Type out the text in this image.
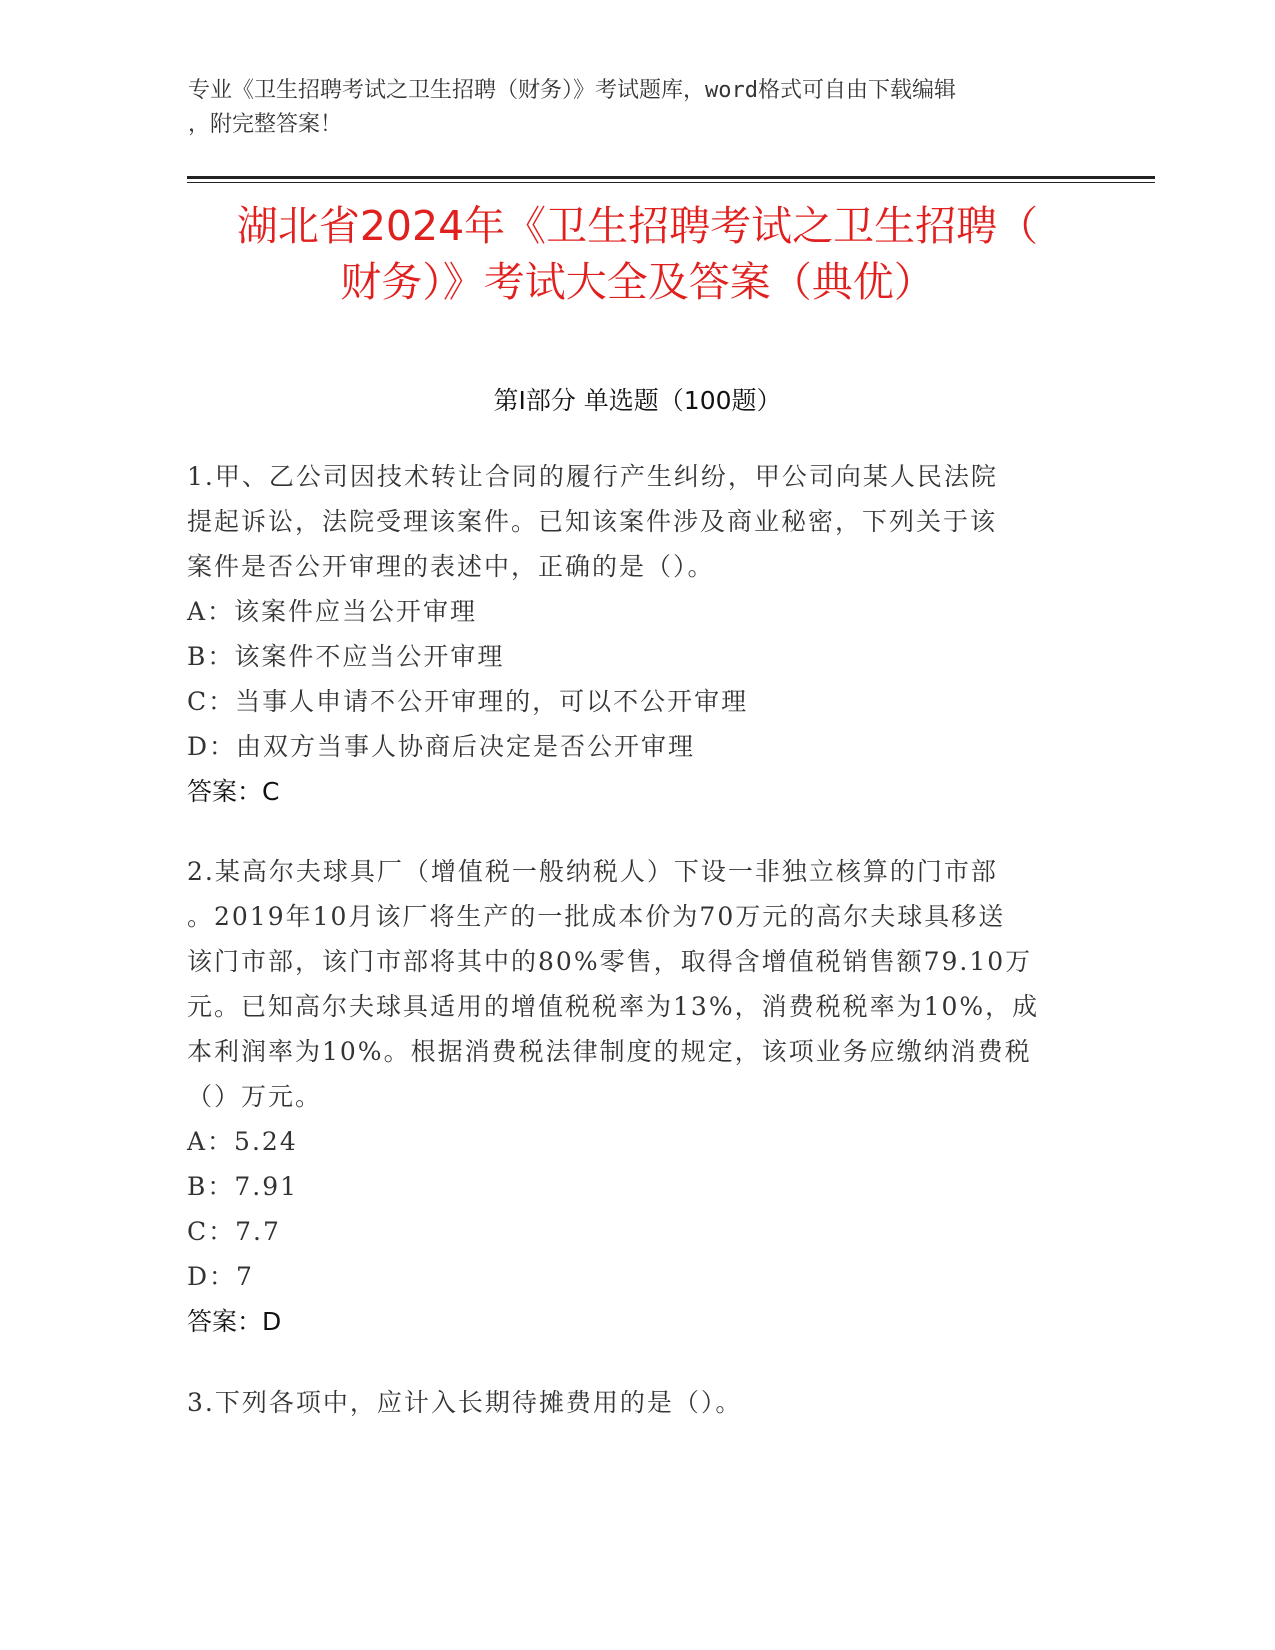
专业《卫生招聘考试之卫生招聘（财务）》考试题库，word格式可自由下载编辑
，附完整答案！
湖北省2024年《卫生招聘考试之卫生招聘（
财务）》考试大全及答案（典优）
第I部分 单选题（100题）
1.甲、乙公司因技术转让合同的履行产生纠纷，甲公司向某人民法院
提起诉讼，法院受理该案件。已知该案件涉及商业秘密，下列关于该
案件是否公开审理的表述中，正确的是（）。
A：该案件应当公开审理
B：该案件不应当公开审理
C：当事人申请不公开审理的，可以不公开审理
D：由双方当事人协商后决定是否公开审理
答案：C
2.某高尔夫球具厂（增值税一般纳税人）下设一非独立核算的门市部
。2019年10月该厂将生产的一批成本价为70万元的高尔夫球具移送
该门市部，该门市部将其中的80%零售，取得含增值税销售额79.10万
元。已知高尔夫球具适用的增值税税率为13%，消费税税率为10%，成
本利润率为10%。根据消费税法律制度的规定，该项业务应缴纳消费税
（）万元。
A：5.24
B：7.91
C：7.7
D：7
答案：D
3.下列各项中，应计入长期待摊费用的是（）。
